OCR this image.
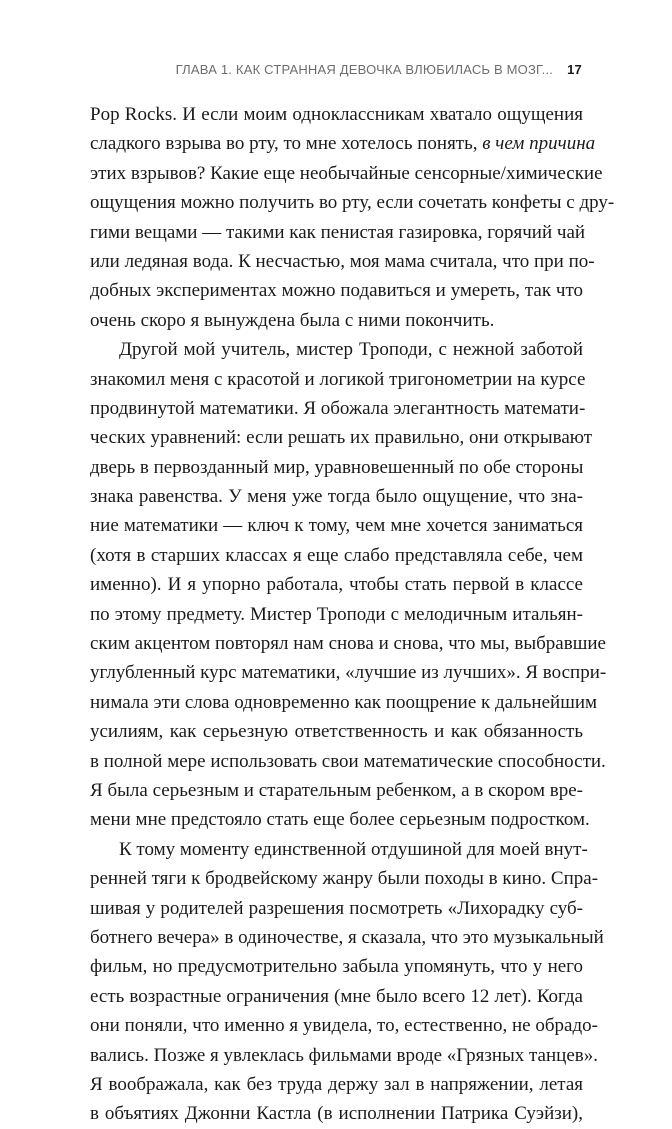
ГЛАВА 1. КАК СТРАННАЯ ДЕВОЧКА ВЛЮБИЛАСЬ В МОЗГ... 17
Pop Rocks. И если моим одноклассникам хватало ощущения
сладкого взрыва во рту, то мне хотелось понять, в чем причина
этих взрывов? Какие еще необычайные сенсорные/химические
ощущения можно получить во рту, если сочетать конфеты с дру-
гими вещами — такими как пенистая газировка, горячий чай
или ледяная вода. К несчастью, моя мама считала, что при по-
добных экспериментах можно подавиться и умереть, так что
очень скоро я вынуждена была с ними покончить.
Другой мой учитель, мистер Троподи, с нежной заботой
знакомил меня с красотой и логикой тригонометрии на курсе
продвинутой математики. Я обожала элегантность математи-
ческих уравнений: если решать их правильно, они открывают
дверь в первозданный мир, уравновешенный по обе стороны
знака равенства. У меня уже тогда было ощущение, что зна-
ние математики — ключ к тому, чем мне хочется заниматься
(хотя в старших классах я еще слабо представляла себе, чем
именно). И я упорно работала, чтобы стать первой в классе
по этому предмету. Мистер Троподи с мелодичным итальян-
ским акцентом повторял нам снова и снова, что мы, выбравшие
углубленный курс математики, «лучшие из лучших». Я воспри-
нимала эти слова одновременно как поощрение к дальнейшим
усилиям, как серьезную ответственность и как обязанность
в полной мере использовать свои математические способности.
Я была серьезным и старательным ребенком, а в скором вре-
мени мне предстояло стать еще более серьезным подростком.
К тому моменту единственной отдушиной для моей внут-
ренней тяги к бродвейскому жанру были походы в кино. Спра-
шивая у родителей разрешения посмотреть «Лихорадку суб-
ботнего вечера» в одиночестве, я сказала, что это музыкальный
фильм, но предусмотрительно забыла упомянуть, что у него
есть возрастные ограничения (мне было всего 12 лет). Когда
они поняли, что именно я увидела, то, естественно, не обрадо-
вались. Позже я увлеклась фильмами вроде «Грязных танцев».
Я воображала, как без труда держу зал в напряжении, летая
в объятиях Джонни Кастла (в исполнении Патрика Суэйзи),
